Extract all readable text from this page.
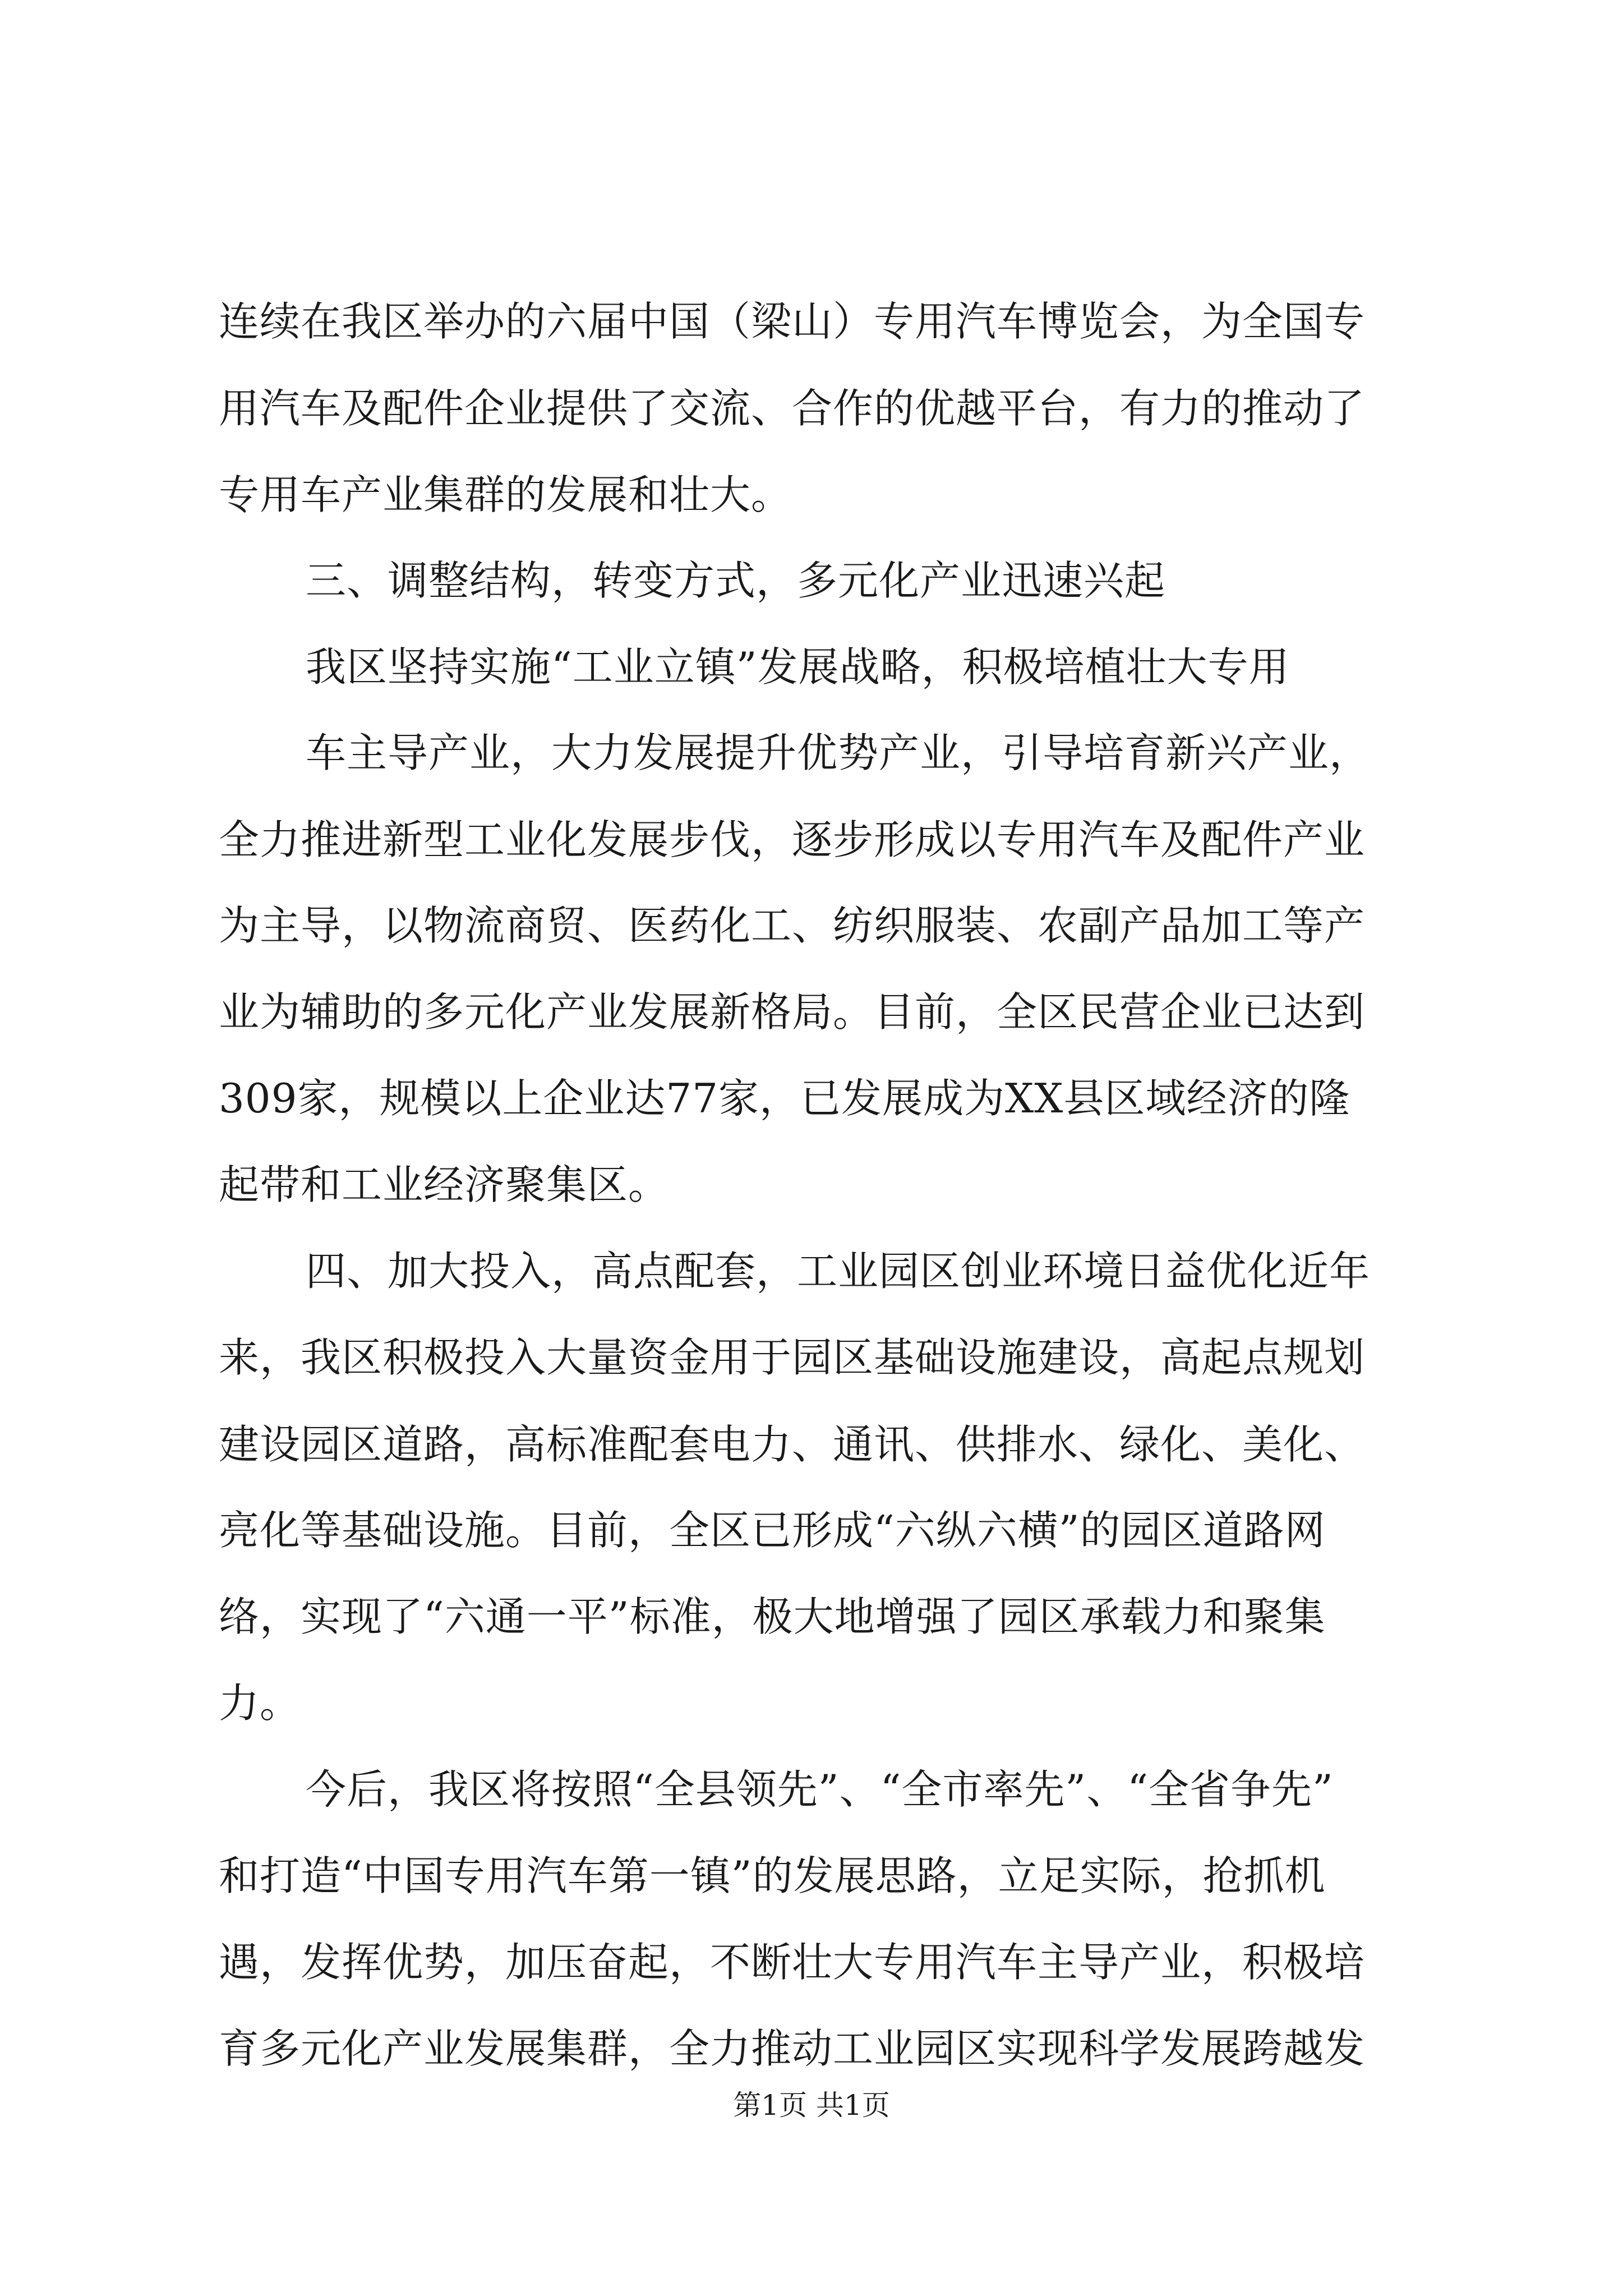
连续在我区举办的六届中国（梁山）专用汽车博览会，为全国专
用汽车及配件企业提供了交流、合作的优越平台，有力的推动了
专用车产业集群的发展和壮大。
三、调整结构，转变方式，多元化产业迅速兴起
我区坚持实施“工业立镇”发展战略，积极培植壮大专用
车主导产业，大力发展提升优势产业，引导培育新兴产业，
全力推进新型工业化发展步伐，逐步形成以专用汽车及配件产业
为主导，以物流商贸、医药化工、纺织服装、农副产品加工等产
业为辅助的多元化产业发展新格局。目前，全区民营企业已达到
309家，规模以上企业达77家，已发展成为XX县区域经济的隆
起带和工业经济聚集区。
四、加大投入，高点配套，工业园区创业环境日益优化近年
来，我区积极投入大量资金用于园区基础设施建设，高起点规划
建设园区道路，高标准配套电力、通讯、供排水、绿化、美化、
亮化等基础设施。目前，全区已形成“六纵六横”的园区道路网
络，实现了“六通一平”标准，极大地增强了园区承载力和聚集
力。
今后，我区将按照“全县领先”、“全市率先”、“全省争先”
和打造“中国专用汽车第一镇”的发展思路，立足实际，抢抓机
遇，发挥优势，加压奋起，不断壮大专用汽车主导产业，积极培
育多元化产业发展集群，全力推动工业园区实现科学发展跨越发
第1页 共1页
